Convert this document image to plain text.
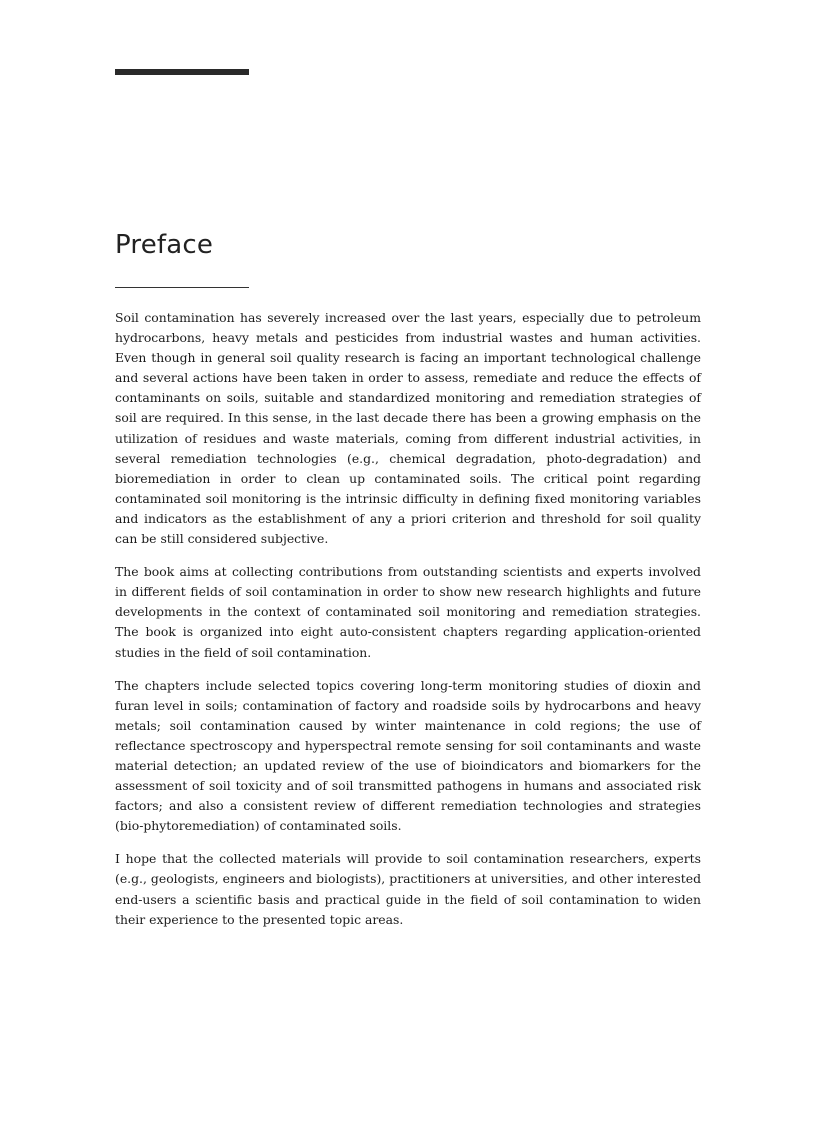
Preface

Soil contamination has severely increased over the last years, especially due to petroleum hydrocarbons, heavy metals and pesticides from industrial wastes and human activities. Even though in general soil quality research is facing an important technological challenge and several actions have been taken in order to assess, remediate and reduce the effects of contaminants on soils, suitable and standardized monitoring and remediation strategies of soil are required. In this sense, in the last decade there has been a growing emphasis on the utilization of residues and waste materials, coming from different industrial activities, in several remediation technologies (e.g., chemical degradation, photo-degradation) and bioremediation in order to clean up contaminated soils. The critical point regarding contaminated soil monitoring is the intrinsic difficulty in defining fixed monitoring variables and indicators as the establishment of any a priori criterion and threshold for soil quality can be still considered subjective.

The book aims at collecting contributions from outstanding scientists and experts involved in different fields of soil contamination in order to show new research highlights and future developments in the context of contaminated soil monitoring and remediation strategies. The book is organized into eight auto-consistent chapters regarding application-oriented studies in the field of soil contamination.

The chapters include selected topics covering long-term monitoring studies of dioxin and furan level in soils; contamination of factory and roadside soils by hydrocarbons and heavy metals; soil contamination caused by winter maintenance in cold regions; the use of reflectance spectroscopy and hyperspectral remote sensing for soil contaminants and waste material detection; an updated review of the use of bioindicators and biomarkers for the assessment of soil toxicity and of soil transmitted pathogens in humans and associated risk factors; and also a consistent review of different remediation technologies and strategies (bio-phytoremediation) of contaminated soils.

I hope that the collected materials will provide to soil contamination researchers, experts (e.g., geologists, engineers and biologists), practitioners at universities, and other interested end-users a scientific basis and practical guide in the field of soil contamination to widen their experience to the presented topic areas.
